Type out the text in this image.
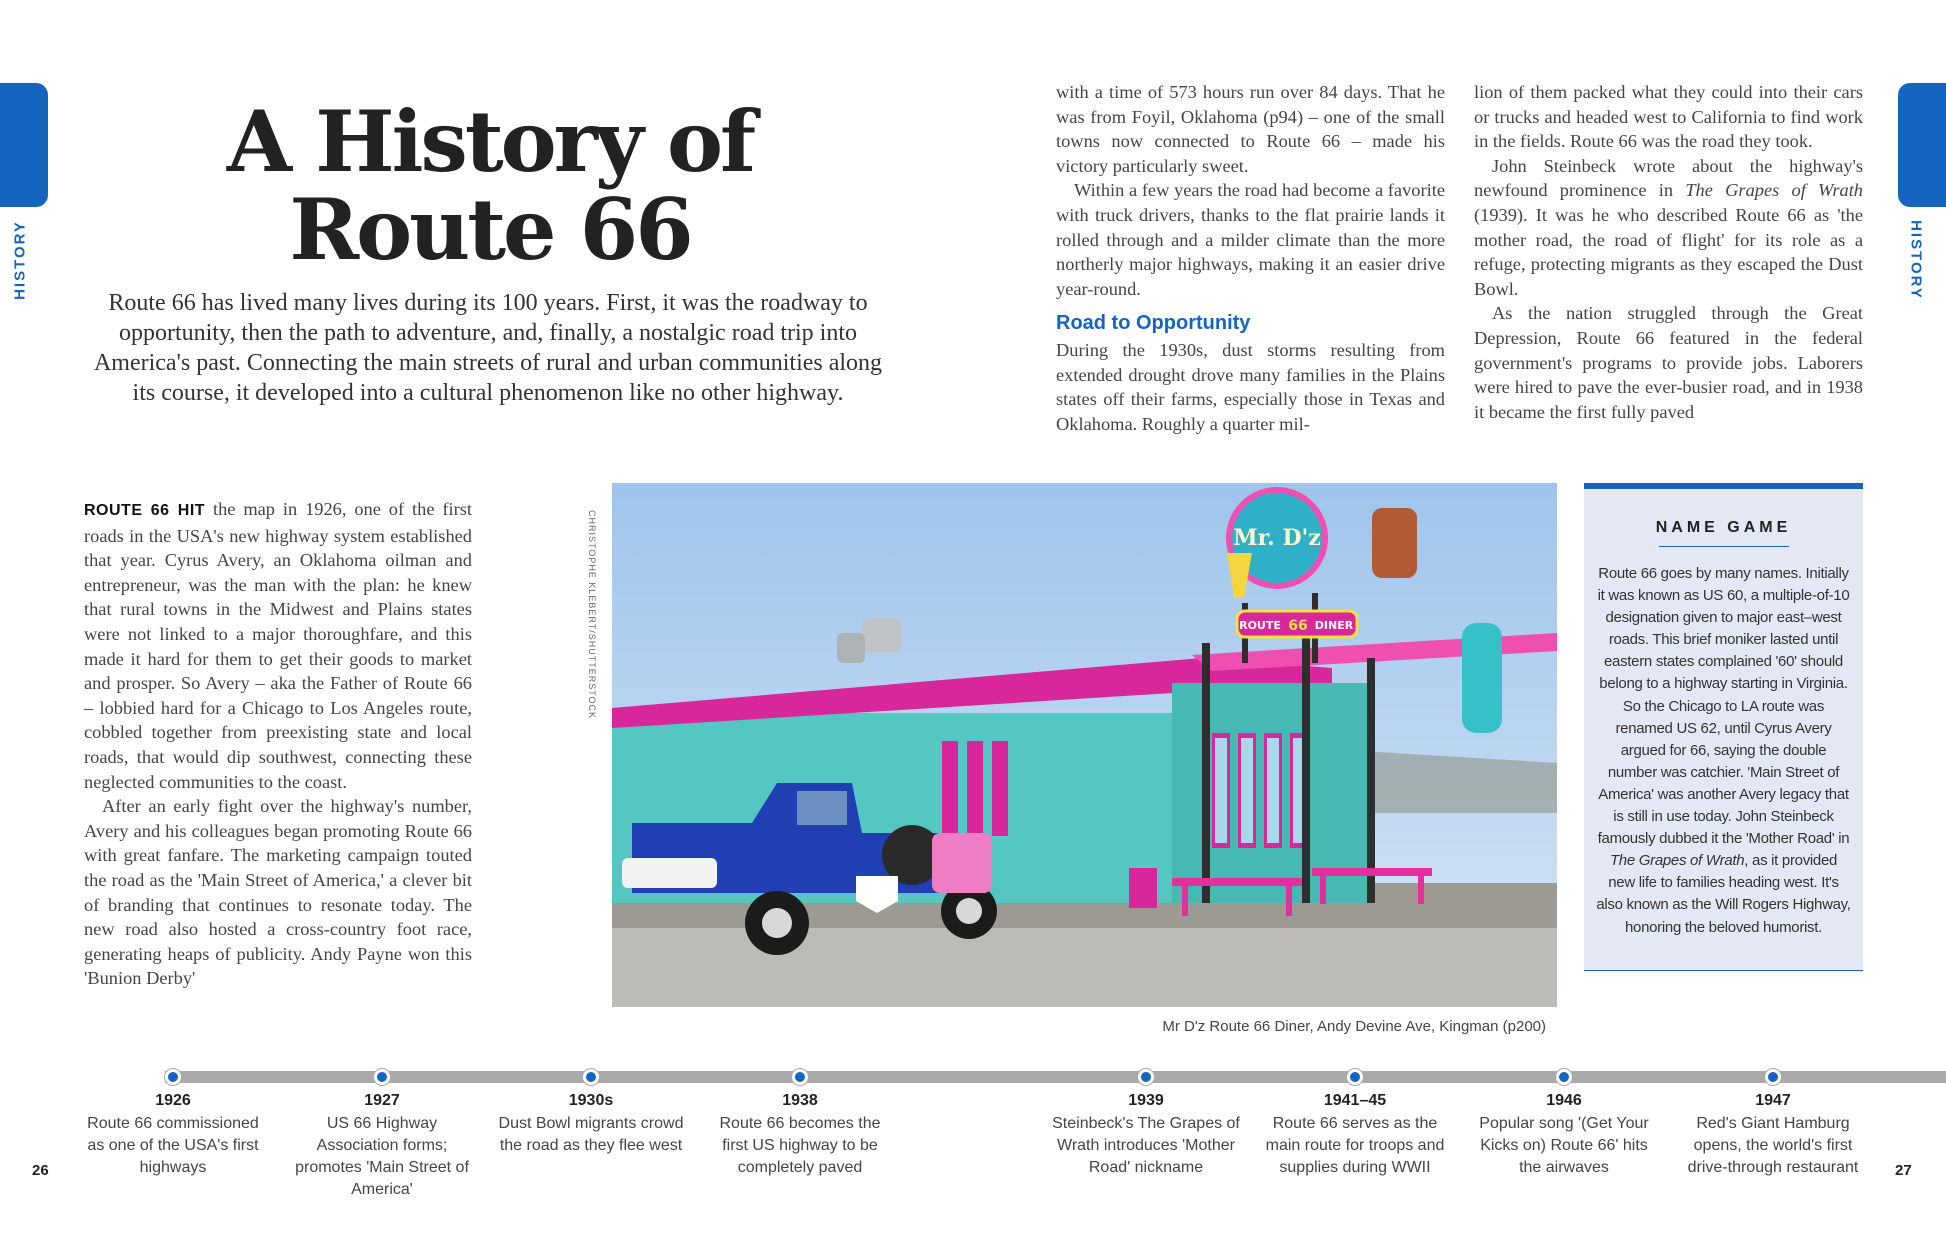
HISTORY	HISTORY
A History of
Route 66

Route 66 has lived many lives during its 100 years. First, it was the roadway to opportunity, then the path to adventure, and, finally, a nostalgic road trip into America's past. Connecting the main streets of rural and urban communities along its course, it developed into a cultural phenomenon like no other highway.

ROUTE 66 HIT the map in 1926, one of the first roads in the USA's new highway system established that year. Cyrus Avery, an Oklahoma oilman and entrepreneur, was the man with the plan: he knew that rural towns in the Midwest and Plains states were not linked to a major thoroughfare, and this made it hard for them to get their goods to market and prosper. So Avery – aka the Father of Route 66 – lobbied hard for a Chicago to Los Angeles route, cobbled together from preexisting state and local roads, that would dip southwest, connecting these neglected communities to the coast.

After an early fight over the highway's number, Avery and his colleagues began promoting Route 66 with great fanfare. The marketing campaign touted the road as the 'Main Street of America,' a clever bit of branding that continues to resonate today. The new road also hosted a cross-country foot race, generating heaps of publicity. Andy Payne won this 'Bunion Derby'

with a time of 573 hours run over 84 days. That he was from Foyil, Oklahoma (p94) – one of the small towns now connected to Route 66 – made his victory particularly sweet.

Within a few years the road had become a favorite with truck drivers, thanks to the flat prairie lands it rolled through and a milder climate than the more northerly major highways, making it an easier drive year-round.

Road to Opportunity

During the 1930s, dust storms resulting from extended drought drove many families in the Plains states off their farms, especially those in Texas and Oklahoma. Roughly a quarter mil-

lion of them packed what they could into their cars or trucks and headed west to California to find work in the fields. Route 66 was the road they took.

John Steinbeck wrote about the highway's newfound prominence in The Grapes of Wrath (1939). It was he who described Route 66 as 'the mother road, the road of flight' for its role as a refuge, protecting migrants as they escaped the Dust Bowl.

As the nation struggled through the Great Depression, Route 66 featured in the federal government's programs to provide jobs. Laborers were hired to pave the ever-busier road, and in 1938 it became the first fully paved

CHRISTOPHE KLEBERT/SHUTTERSTOCK	Mr. D'z
ROUTE 66 DINER
Mr D'z Route 66 Diner, Andy Devine Ave, Kingman (p200)
NAME GAME

Route 66 goes by many names. Initially it was known as US 60, a multiple-of-10 designation given to major east–west roads. This brief moniker lasted until eastern states complained '60' should belong to a highway starting in Virginia. So the Chicago to LA route was renamed US 62, until Cyrus Avery argued for 66, saying the double number was catchier. 'Main Street of America' was another Avery legacy that is still in use today. John Steinbeck famously dubbed it the 'Mother Road' in The Grapes of Wrath, as it provided new life to families heading west. It's also known as the Will Rogers Highway, honoring the beloved humorist.

1926
Route 66 commissioned as one of the USA's first highways
1927
US 66 Highway Association forms; promotes 'Main Street of America'
1930s
Dust Bowl migrants crowd the road as they flee west
1938
Route 66 becomes the first US highway to be completely paved
1939
Steinbeck's The Grapes of Wrath introduces 'Mother Road' nickname
1941–45
Route 66 serves as the main route for troops and supplies during WWII
1946
Popular song '(Get Your Kicks on) Route 66' hits the airwaves
1947
Red's Giant Hamburg opens, the world's first drive-through restaurant
26	27
